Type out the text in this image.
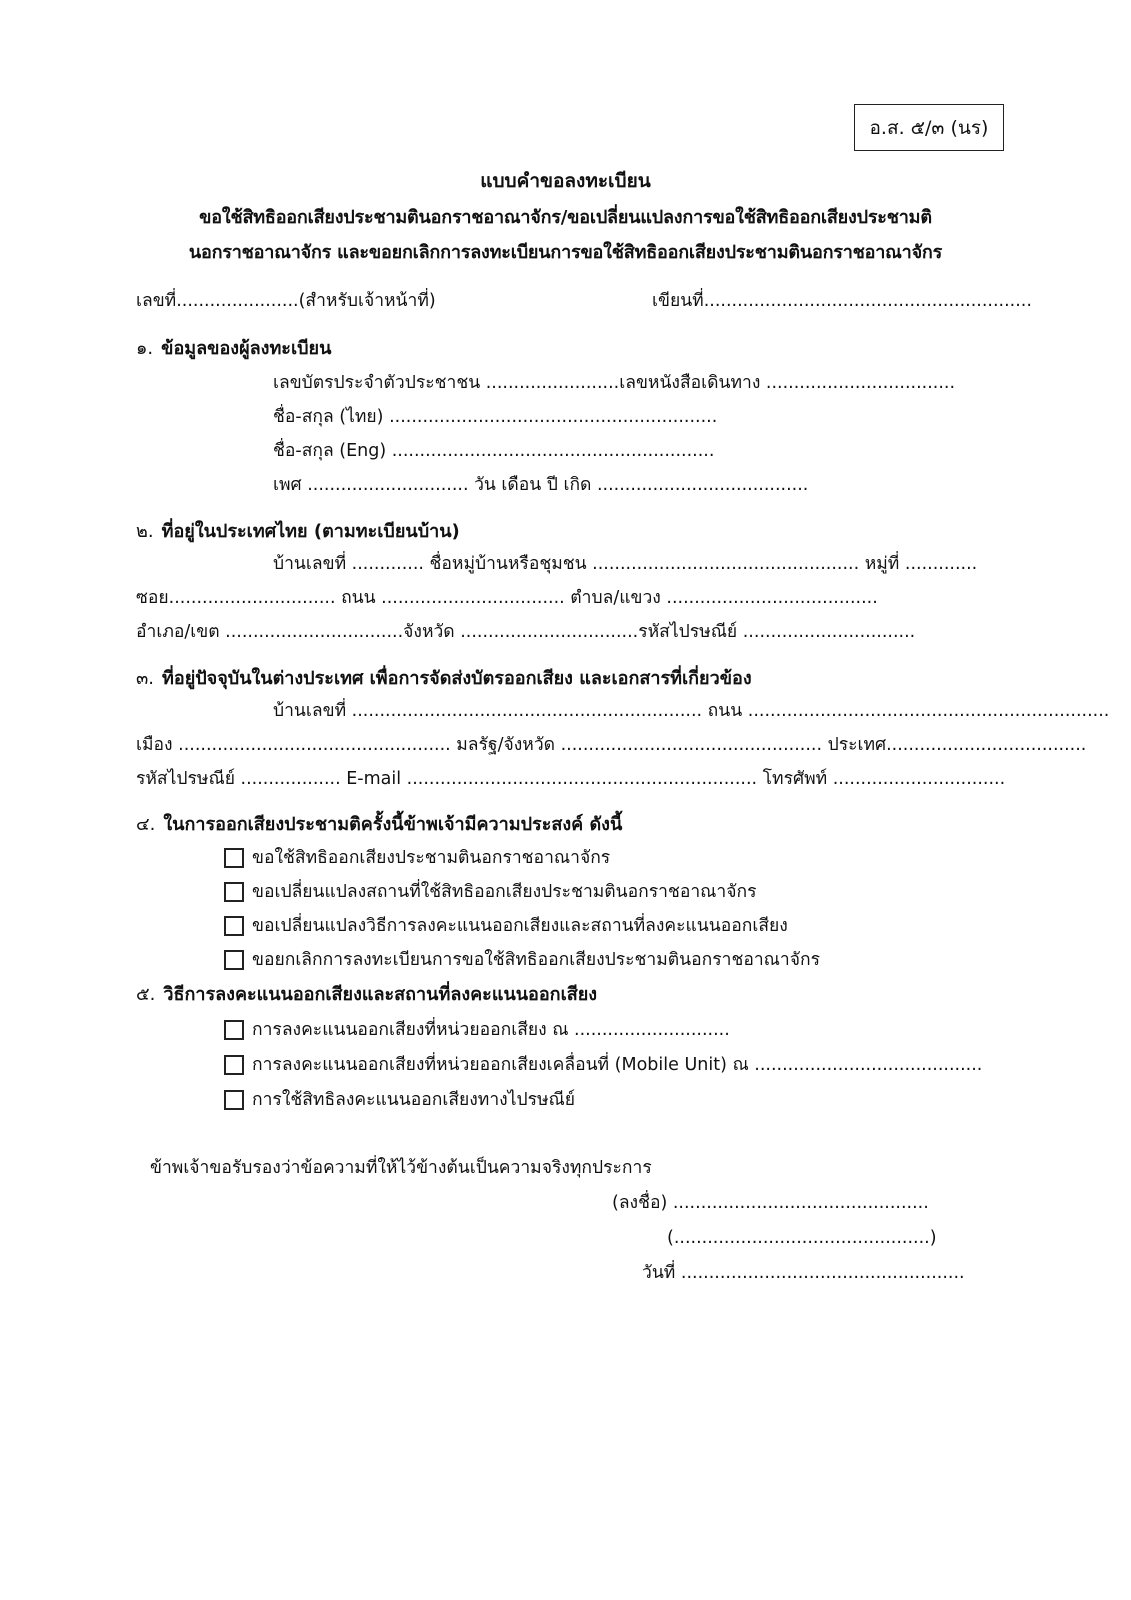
อ.ส. ๕/๓ (นร)
แบบคำขอลงทะเบียน
ขอใช้สิทธิออกเสียงประชามตินอกราชอาณาจักร/ขอเปลี่ยนแปลงการขอใช้สิทธิออกเสียงประชามติ
นอกราชอาณาจักร และขอยกเลิกการลงทะเบียนการขอใช้สิทธิออกเสียงประชามตินอกราชอาณาจักร
เลขที่......................(สำหรับเจ้าหน้าที่)	เขียนที่...........................................................
๑. ข้อมูลของผู้ลงทะเบียน
เลขบัตรประจำตัวประชาชน ........................เลขหนังสือเดินทาง ..................................
ชื่อ-สกุล (ไทย) ...........................................................
ชื่อ-สกุล (Eng) ..........................................................
เพศ ............................. วัน เดือน ปี เกิด ......................................
๒. ที่อยู่ในประเทศไทย (ตามทะเบียนบ้าน)
บ้านเลขที่ ............. ชื่อหมู่บ้านหรือชุมชน ................................................ หมู่ที่ .............
ซอย.............................. ถนน ................................. ตำบล/แขวง ......................................
อำเภอ/เขต ................................จังหวัด ................................รหัสไปรษณีย์ ...............................
๓. ที่อยู่ปัจจุบันในต่างประเทศ เพื่อการจัดส่งบัตรออกเสียง และเอกสารที่เกี่ยวข้อง
บ้านเลขที่ ............................................................... ถนน .................................................................
เมือง ................................................. มลรัฐ/จังหวัด ............................................... ประเทศ....................................
รหัสไปรษณีย์ .................. E-mail ............................................................... โทรศัพท์ ...............................
๔. ในการออกเสียงประชามติครั้งนี้ข้าพเจ้ามีความประสงค์ ดังนี้
ขอใช้สิทธิออกเสียงประชามตินอกราชอาณาจักร
ขอเปลี่ยนแปลงสถานที่ใช้สิทธิออกเสียงประชามตินอกราชอาณาจักร
ขอเปลี่ยนแปลงวิธีการลงคะแนนออกเสียงและสถานที่ลงคะแนนออกเสียง
ขอยกเลิกการลงทะเบียนการขอใช้สิทธิออกเสียงประชามตินอกราชอาณาจักร
๕. วิธีการลงคะแนนออกเสียงและสถานที่ลงคะแนนออกเสียง
การลงคะแนนออกเสียงที่หน่วยออกเสียง ณ ............................
การลงคะแนนออกเสียงที่หน่วยออกเสียงเคลื่อนที่ (Mobile Unit) ณ .........................................
การใช้สิทธิลงคะแนนออกเสียงทางไปรษณีย์
ข้าพเจ้าขอรับรองว่าข้อความที่ให้ไว้ข้างต้นเป็นความจริงทุกประการ
(ลงชื่อ) ..............................................
(..............................................)
วันที่ ...................................................
